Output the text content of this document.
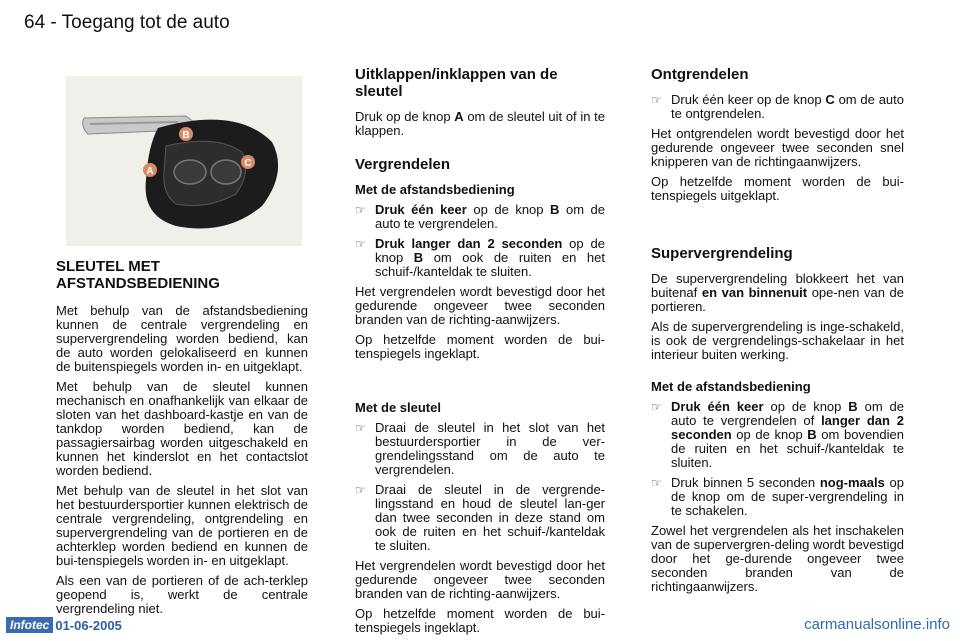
64 - Toegang tot de auto
B
A
C
SLEUTEL MET
AFSTANDSBEDIENING

Met behulp van de afstandsbediening kunnen de centrale vergrendeling en supervergrendeling worden bediend, kan de auto worden gelokaliseerd en kunnen de buitenspiegels worden in- en uitgeklapt.

Met behulp van de sleutel kunnen mechanisch en onafhankelijk van elkaar de sloten van het dashboard-kastje en van de tankdop worden bediend, kan de passagiersairbag worden uitgeschakeld en kunnen het kinderslot en het contactslot worden bediend.

Met behulp van de sleutel in het slot van het bestuurdersportier kunnen elektrisch de centrale vergrendeling, ontgrendeling en supervergrendeling van de portieren en de achterklep worden bediend en kunnen de bui-tenspiegels worden in- en uitgeklapt.

Als een van de portieren of de ach-terklep geopend is, werkt de centrale vergrendeling niet.

Uitklappen/inklappen van de sleutel

Druk op de knop A om de sleutel uit of in te klappen.

Vergrendelen
Met de afstandsbediening
☞ Druk één keer op de knop B om de auto te vergrendelen.
☞ Druk langer dan 2 seconden op de knop B om ook de ruiten en het schuif-/kanteldak te sluiten.

Het vergrendelen wordt bevestigd door het gedurende ongeveer twee seconden branden van de richting-aanwijzers.

Op hetzelfde moment worden de bui-tenspiegels ingeklapt.

Met de sleutel
☞ Draai de sleutel in het slot van het bestuurdersportier in de ver-grendelingsstand om de auto te vergrendelen.
☞ Draai de sleutel in de vergrende-lingsstand en houd de sleutel lan-ger dan twee seconden in deze stand om ook de ruiten en het schuif-/kanteldak te sluiten.

Het vergrendelen wordt bevestigd door het gedurende ongeveer twee seconden branden van de richting-aanwijzers.

Op hetzelfde moment worden de bui-tenspiegels ingeklapt.

Ontgrendelen
☞ Druk één keer op de knop C om de auto te ontgrendelen.

Het ontgrendelen wordt bevestigd door het gedurende ongeveer twee seconden snel knipperen van de richtingaanwijzers.

Op hetzelfde moment worden de bui-tenspiegels uitgeklapt.

Supervergrendeling

De supervergrendeling blokkeert het van buitenaf en van binnenuit ope-nen van de portieren.

Als de supervergrendeling is inge-schakeld, is ook de vergrendelings-schakelaar in het interieur buiten werking.

Met de afstandsbediening
☞ Druk één keer op de knop B om de auto te vergrendelen of langer dan 2 seconden op de knop B om bovendien de ruiten en het schuif-/kanteldak te sluiten.
☞ Druk binnen 5 seconden nog-maals op de knop om de super-vergrendeling in te schakelen.

Zowel het vergrendelen als het inschakelen van de supervergren-deling wordt bevestigd door het ge-durende ongeveer twee seconden branden van de richtingaanwijzers.

Infotec 01-06-2005	carmanualsonline.info
